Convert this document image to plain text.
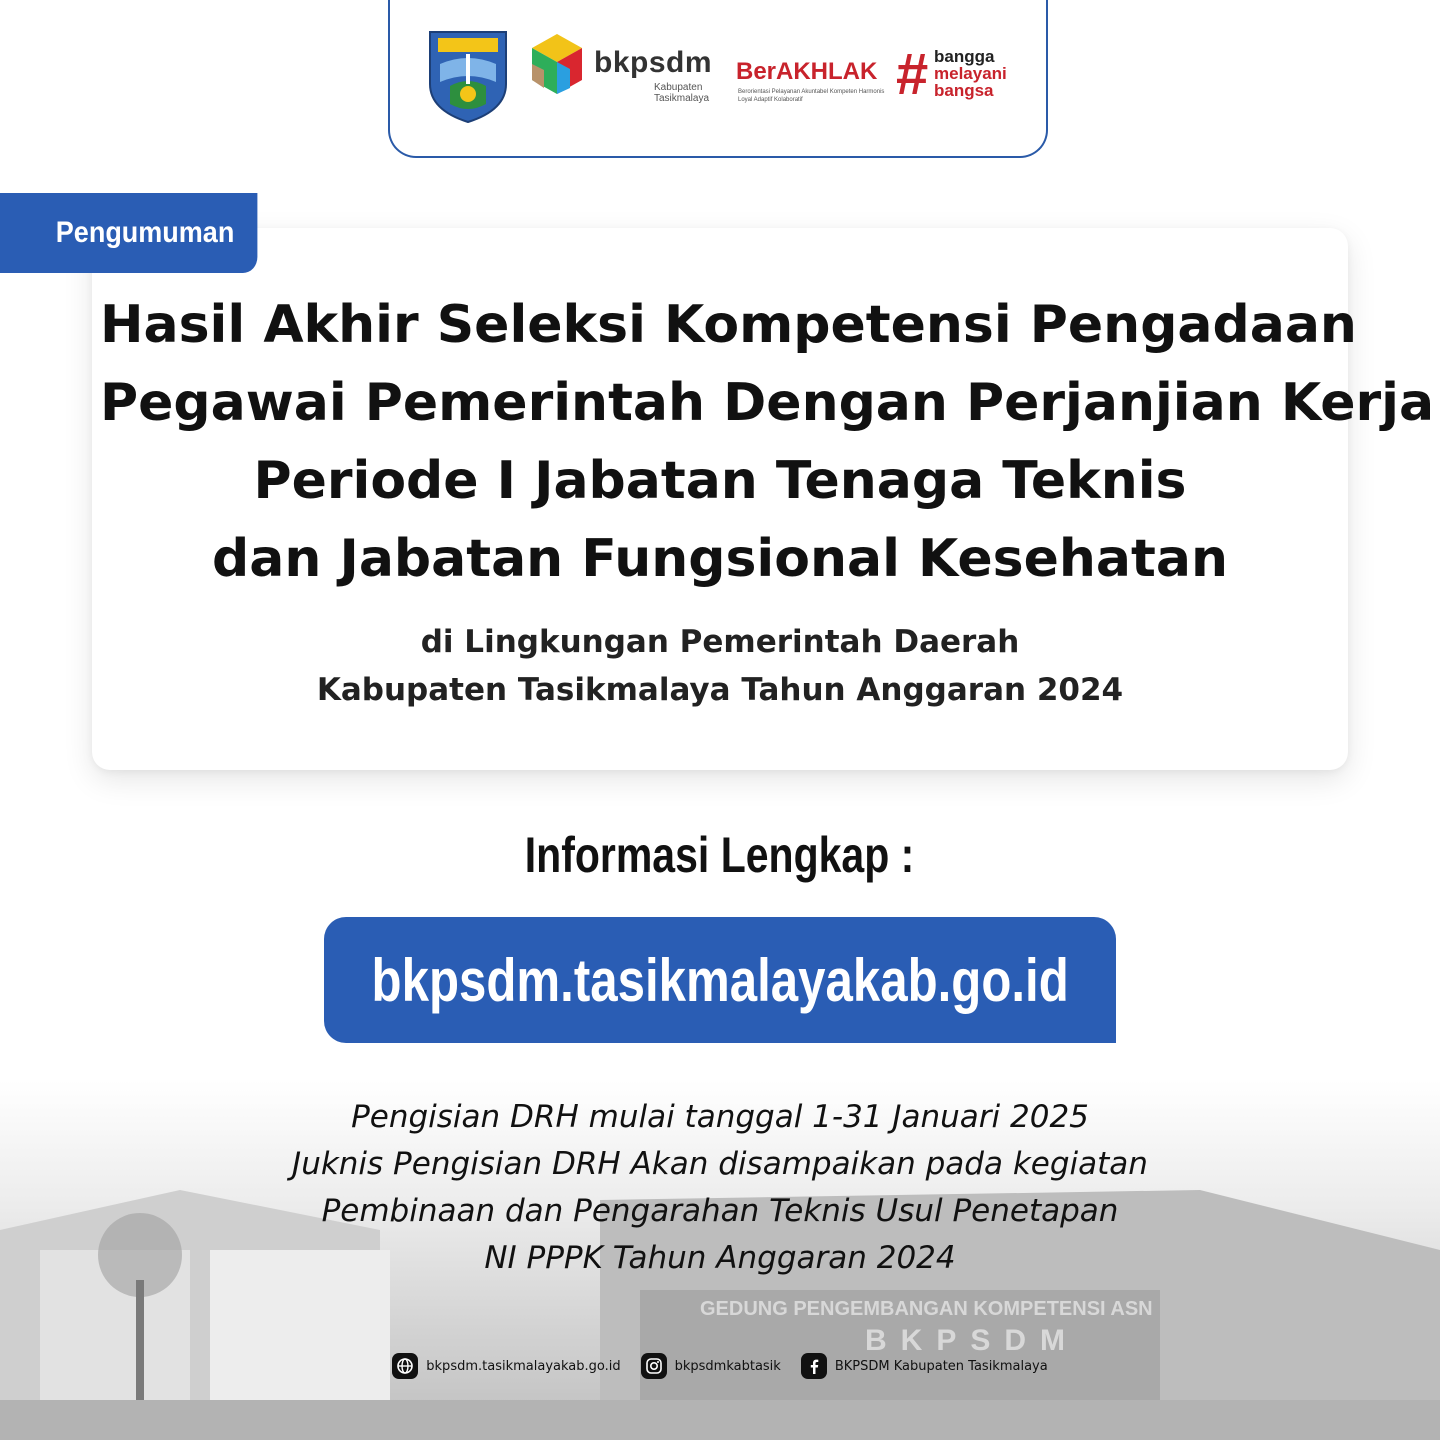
GEDUNG PENGEMBANGAN KOMPETENSI ASN
BKPSDM
bkpsdm
Kabupaten Tasikmalaya
BerAKHLAK
Berorientasi Pelayanan Akuntabel Kompeten Harmonis Loyal Adaptif Kolaboratif	# bangga
melayani
bangsa
Pengumuman
Hasil Akhir Seleksi Kompetensi Pengadaan
Pegawai Pemerintah Dengan Perjanjian Kerja
Periode I Jabatan Tenaga Teknis
dan Jabatan Fungsional Kesehatan
di Lingkungan Pemerintah Daerah
Kabupaten Tasikmalaya Tahun Anggaran 2024
Informasi Lengkap :
bkpsdm.tasikmalayakab.go.id
Pengisian DRH mulai tanggal 1-31 Januari 2025
Juknis Pengisian DRH Akan disampaikan pada kegiatan
Pembinaan dan Pengarahan Teknis Usul Penetapan
NI PPPK Tahun Anggaran 2024
bkpsdm.tasikmalayakab.go.id	bkpsdmkabtasik	BKPSDM Kabupaten Tasikmalaya
